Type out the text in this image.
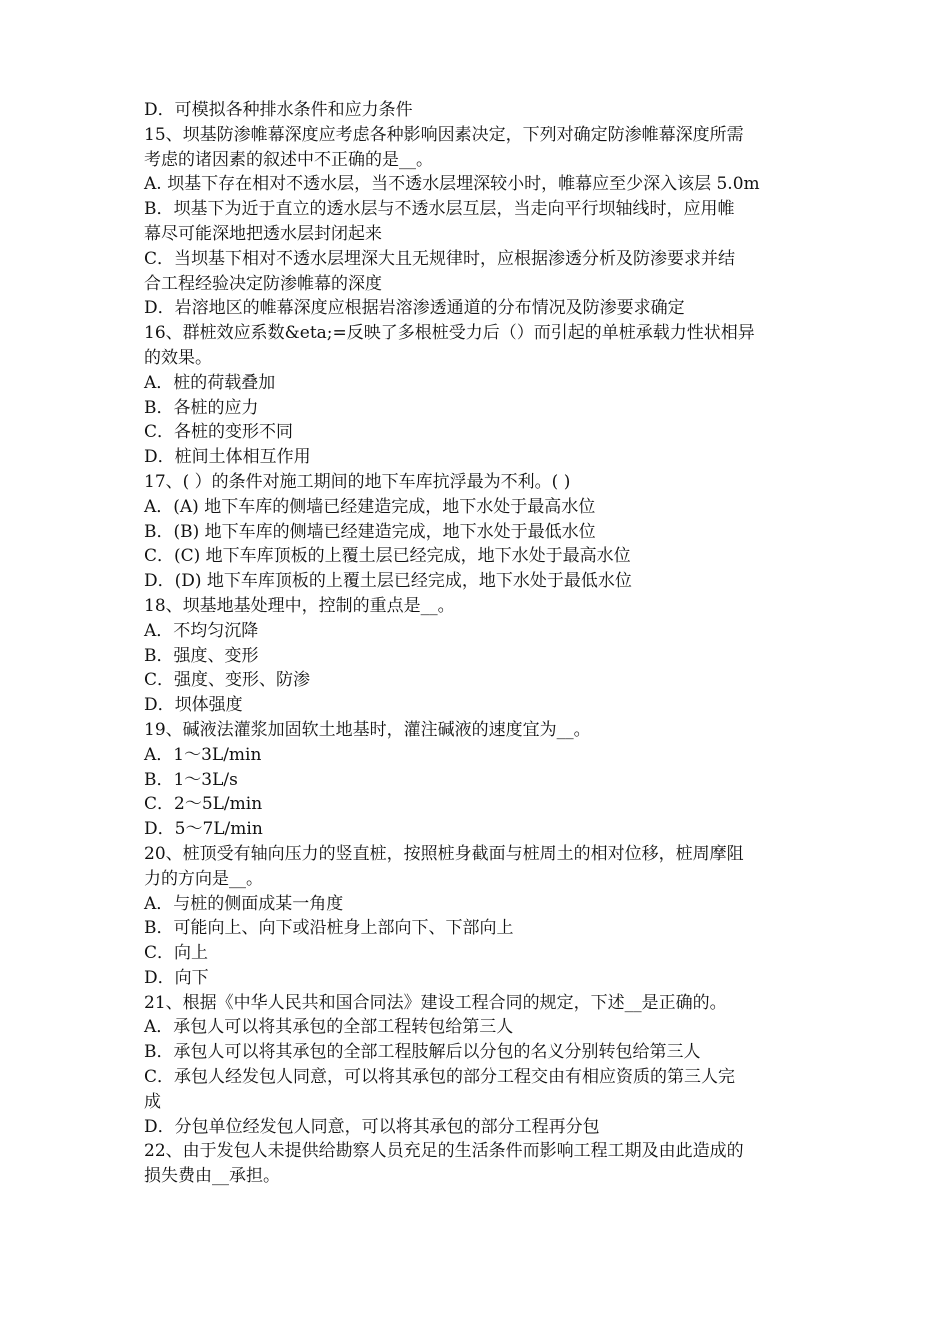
D．可模拟各种排水条件和应力条件
15、坝基防渗帷幕深度应考虑各种影响因素决定，下列对确定防渗帷幕深度所需
考虑的诸因素的叙述中不正确的是__。
A. 坝基下存在相对不透水层，当不透水层埋深较小时，帷幕应至少深入该层 5.0m
B．坝基下为近于直立的透水层与不透水层互层，当走向平行坝轴线时，应用帷
幕尽可能深地把透水层封闭起来
C．当坝基下相对不透水层埋深大且无规律时，应根据渗透分析及防渗要求并结
合工程经验决定防渗帷幕的深度
D．岩溶地区的帷幕深度应根据岩溶渗透通道的分布情况及防渗要求确定
16、群桩效应系数&eta;=反映了多根桩受力后（）而引起的单桩承载力性状相异
的效果。
A．桩的荷载叠加
B．各桩的应力
C．各桩的变形不同
D．桩间土体相互作用
17、( ）的条件对施工期间的地下车库抗浮最为不利。( )
A．(A) 地下车库的侧墙已经建造完成，地下水处于最高水位
B．(B) 地下车库的侧墙已经建造完成，地下水处于最低水位
C．(C) 地下车库顶板的上覆土层已经完成，地下水处于最高水位
D．(D) 地下车库顶板的上覆土层已经完成，地下水处于最低水位
18、坝基地基处理中，控制的重点是__。
A．不均匀沉降
B．强度、变形
C．强度、变形、防渗
D．坝体强度
19、碱液法灌浆加固软土地基时，灌注碱液的速度宜为__。
A．1～3L/min
B．1～3L/s
C．2～5L/min
D．5～7L/min
20、桩顶受有轴向压力的竖直桩，按照桩身截面与桩周土的相对位移，桩周摩阻
力的方向是__。
A．与桩的侧面成某一角度
B．可能向上、向下或沿桩身上部向下、下部向上
C．向上
D．向下
21、根据《中华人民共和国合同法》建设工程合同的规定，下述__是正确的。
A．承包人可以将其承包的全部工程转包给第三人
B．承包人可以将其承包的全部工程肢解后以分包的名义分别转包给第三人
C．承包人经发包人同意，可以将其承包的部分工程交由有相应资质的第三人完
成
D．分包单位经发包人同意，可以将其承包的部分工程再分包
22、由于发包人未提供给勘察人员充足的生活条件而影响工程工期及由此造成的
损失费由__承担。
